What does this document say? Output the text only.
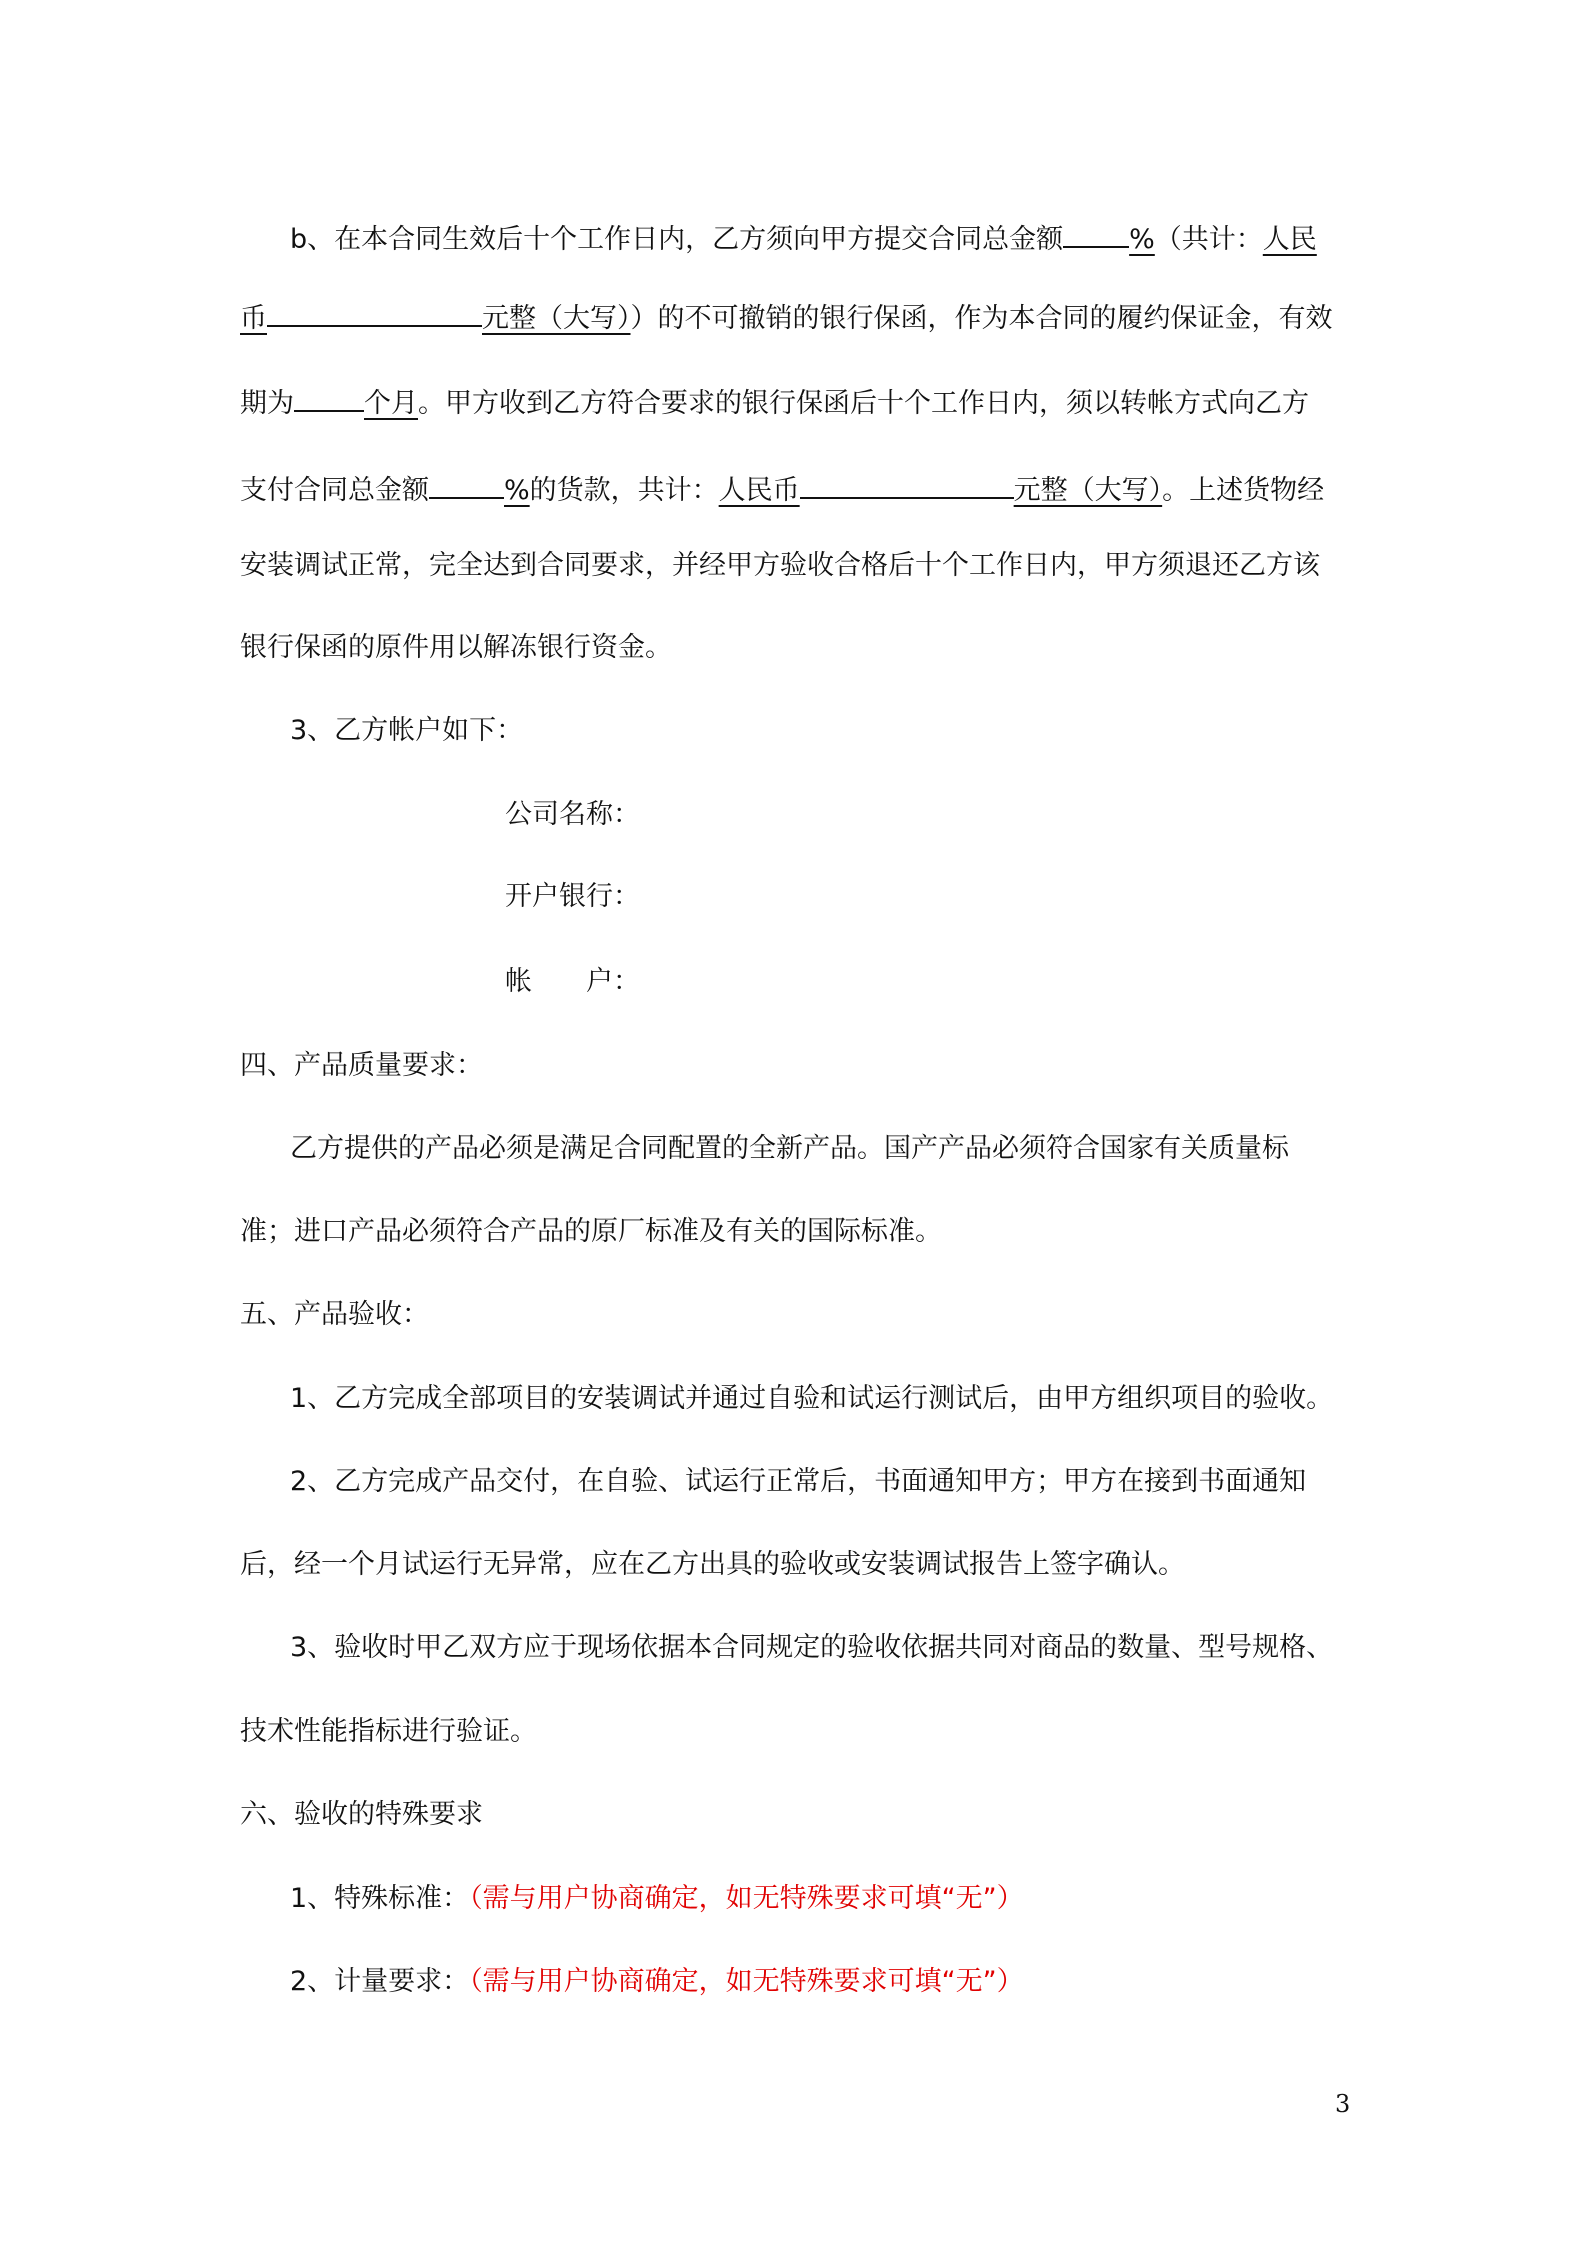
b、在本合同生效后十个工作日内，乙方须向甲方提交合同总金额 %（共计：人民
币	元整（大写））的不可撤销的银行保函，作为本合同的履约保证金，有效
期为	个月。甲方收到乙方符合要求的银行保函后十个工作日内，须以转帐方式向乙方
支付合同总金额	%的货款，共计：人民币	元整（大写）。上述货物经
安装调试正常，完全达到合同要求，并经甲方验收合格后十个工作日内，甲方须退还乙方该
银行保函的原件用以解冻银行资金。
3、乙方帐户如下：
公司名称：
开户银行：
帐 户：
四、产品质量要求：
乙方提供的产品必须是满足合同配置的全新产品。国产产品必须符合国家有关质量标
准；进口产品必须符合产品的原厂标准及有关的国际标准。
五、产品验收：
1、乙方完成全部项目的安装调试并通过自验和试运行测试后，由甲方组织项目的验收。
2、乙方完成产品交付，在自验、试运行正常后，书面通知甲方；甲方在接到书面通知
后，经一个月试运行无异常，应在乙方出具的验收或安装调试报告上签字确认。
3、验收时甲乙双方应于现场依据本合同规定的验收依据共同对商品的数量、型号规格、
技术性能指标进行验证。
六、验收的特殊要求
1、特殊标准：（需与用户协商确定，如无特殊要求可填“无”）
2、计量要求：（需与用户协商确定，如无特殊要求可填“无”）
3
